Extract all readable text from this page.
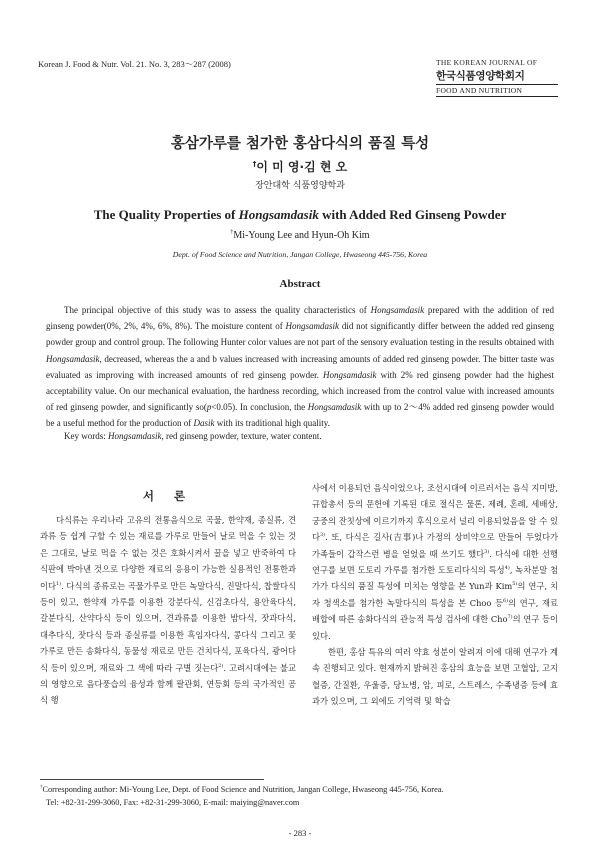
Korean J. Food & Nutr. Vol. 21. No. 3, 283～287 (2008)	THE KOREAN JOURNAL OF
한국식품영양학회지
FOOD AND NUTRITION
홍삼가루를 첨가한 홍삼다식의 품질 특성
†이 미 영·김 현 오
장안대학 식품영양학과
The Quality Properties of Hongsamdasik with Added Red Ginseng Powder
†Mi-Young Lee and Hyun-Oh Kim
Dept. of Food Science and Nutrition, Jangan College, Hwaseong 445-756, Korea
Abstract

The principal objective of this study was to assess the quality characteristics of Hongsamdasik prepared with the addition of red ginseng powder(0%, 2%, 4%, 6%, 8%). The moisture content of Hongsamdasik did not significantly differ between the added red ginseng powder group and control group. The following Hunter color values are not part of the sensory evaluation testing in the results obtained with Hongsamdasik, decreased, whereas the a and b values increased with increasing amounts of added red ginseng powder. The bitter taste was evaluated as improving with increased amounts of red ginseng powder. Hongsamdasik with 2% red ginseng powder had the highest acceptability value. On our mechanical evaluation, the hardness recording, which increased from the control value with increased amounts of red ginseng powder, and significantly so(p<0.05). In conclusion, the Hongsamdasik with up to 2～4% added red ginseng powder would be a useful method for the production of Dasik with its traditional high quality.

Key words: Hongsamdasik, red ginseng powder, texture, water content.
서 론

다식류는 우리나라 고유의 전통음식으로 곡물, 한약재, 종실류, 견과류 등 쉽게 구할 수 있는 재료를 가루로 만들어 날로 먹을 수 있는 것은 그대로, 날로 먹을 수 없는 것은 호화시켜서 꿀을 넣고 반죽하여 다식판에 박아낸 것으로 다양한 재료의 응용이 가능한 실용적인 전통한과이다$^{1)}$. 다식의 종류로는 곡물가루로 만든 녹말다식, 진말다식, 찹쌀다식 등이 있고, 한약재 가루를 이용한 강분다식, 신검초다식, 용안육다식, 갈분다식, 산약다식 등이 있으며, 견과류를 이용한 밤다식, 잣과다식, 대추다식, 잣다식 등과 종실류를 이용한 흑임자다식, 콩다식 그리고 꽃가루로 만든 송화다식, 동물성 재료로 만든 건치다식, 포육다식, 광어다식 등이 있으며, 재료와 그 색에 따라 구별 짓는다$^{2)}$. 고려시대에는 불교의 영향으로 음다풍습의 융성과 함께 팔관회, 연등회 등의 국가적인 공식 행

사에서 이용되던 음식이었으나, 조선시대에 이르러서는 음식 지미방, 규합총서 등의 문헌에 기록된 대로 절식은 물론, 제례, 혼례, 세배상, 궁중의 잔칫상에 이르기까지 후식으로서 널리 이용되었음을 알 수 있다$^{3)}$. 또, 다식은 길사(吉事)나 가정의 상비약으로 만들어 두었다가 가족들이 갑작스런 병을 얻었을 때 쓰기도 했다$^{3)}$. 다식에 대한 선행 연구를 보면 도토리 가루를 첨가한 도토리다식의 특성$^{4)}$, 녹차분말 첨가가 다식의 품질 특성에 미치는 영향을 본 Yun과 Kim$^{5)}$의 연구, 치자 청색소를 첨가한 녹말다식의 특성을 본 Choo 등$^{6)}$의 연구, 재료 배합에 따른 송화다식의 관능적 특성 검사에 대한 Cho$^{7)}$의 연구 등이 있다.

한편, 홍삼 특유의 여러 약효 성분이 알려져 이에 대해 연구가 계속 진행되고 있다. 현재까지 밝혀진 홍삼의 효능을 보면 고혈압, 고지혈증, 간질환, 우울증, 당뇨병, 암, 피로, 스트레스, 수족냉증 등에 효과가 있으며, 그 외에도 기억력 및 학습

†Corresponding author: Mi-Young Lee, Dept. of Food Science and Nutrition, Jangan College, Hwaseong 445-756, Korea.
Tel: +82-31-299-3060, Fax: +82-31-299-3060, E-mail: maiying@naver.com
- 283 -
